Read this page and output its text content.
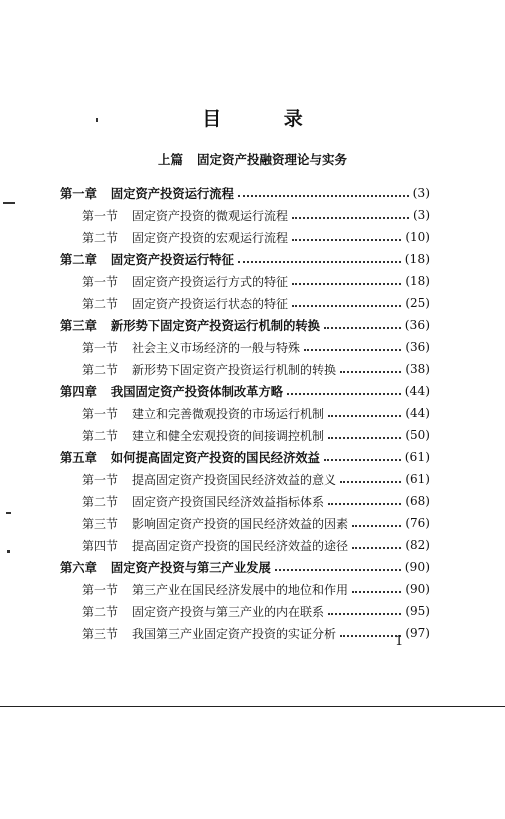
目 录
上篇 固定资产投融资理论与实务
第一章 固定资产投资运行流程	(3)
第一节 固定资产投资的微观运行流程	(3)
第二节 固定资产投资的宏观运行流程	(10)
第二章 固定资产投资运行特征	(18)
第一节 固定资产投资运行方式的特征	(18)
第二节 固定资产投资运行状态的特征	(25)
第三章 新形势下固定资产投资运行机制的转换	(36)
第一节 社会主义市场经济的一般与特殊	(36)
第二节 新形势下固定资产投资运行机制的转换	(38)
第四章 我国固定资产投资体制改革方略	(44)
第一节 建立和完善微观投资的市场运行机制	(44)
第二节 建立和健全宏观投资的间接调控机制	(50)
第五章 如何提高固定资产投资的国民经济效益	(61)
第一节 提高固定资产投资国民经济效益的意义	(61)
第二节 固定资产投资国民经济效益指标体系	(68)
第三节 影响固定资产投资的国民经济效益的因素	(76)
第四节 提高固定资产投资的国民经济效益的途径	(82)
第六章 固定资产投资与第三产业发展	(90)
第一节 第三产业在国民经济发展中的地位和作用	(90)
第二节 固定资产投资与第三产业的内在联系	(95)
第三节 我国第三产业固定资产投资的实证分析	(97)
1
